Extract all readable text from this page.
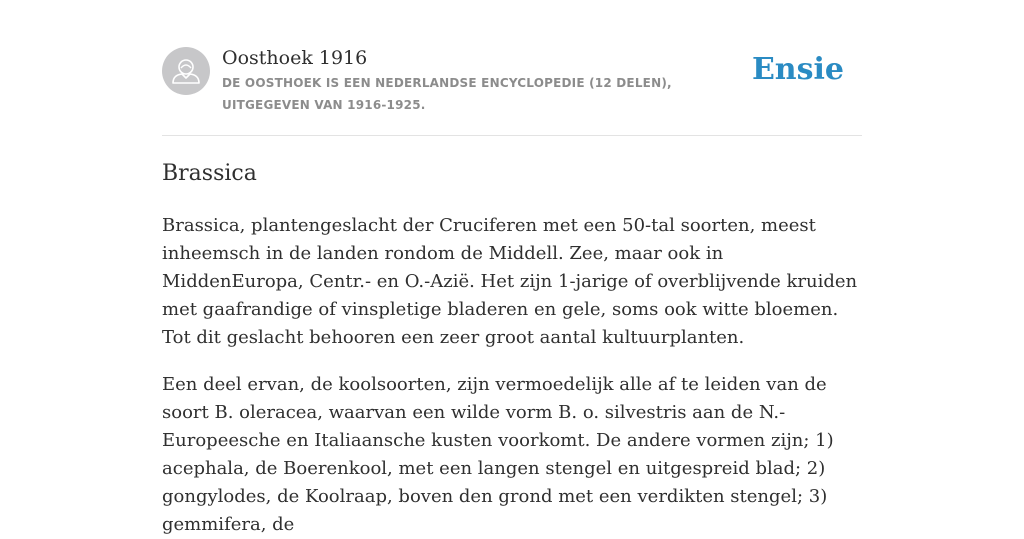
Oosthoek 1916
DE OOSTHOEK IS EEN NEDERLANDSE ENCYCLOPEDIE (12 DELEN), UITGEGEVEN VAN 1916-1925.
Ensie
Brassica

Brassica, plantengeslacht der Cruciferen met een 50-tal soorten, meest inheemsch in de landen rondom de Middell. Zee, maar ook in MiddenEuropa, Centr.- en O.-Azië. Het zijn 1-jarige of overblijvende kruiden met gaafrandige of vinspletige bladeren en gele, soms ook witte bloemen. Tot dit geslacht behooren een zeer groot aantal kultuurplanten.

Een deel ervan, de koolsoorten, zijn vermoedelijk alle af te leiden van de soort B. oleracea, waarvan een wilde vorm B. o. silvestris aan de N.-Europeesche en Italiaansche kusten voorkomt. De andere vormen zijn; 1) acephala, de Boerenkool, met een langen stengel en uitgespreid blad; 2) gongylodes, de Koolraap, boven den grond met een verdikten stengel; 3) gemmifera, de
